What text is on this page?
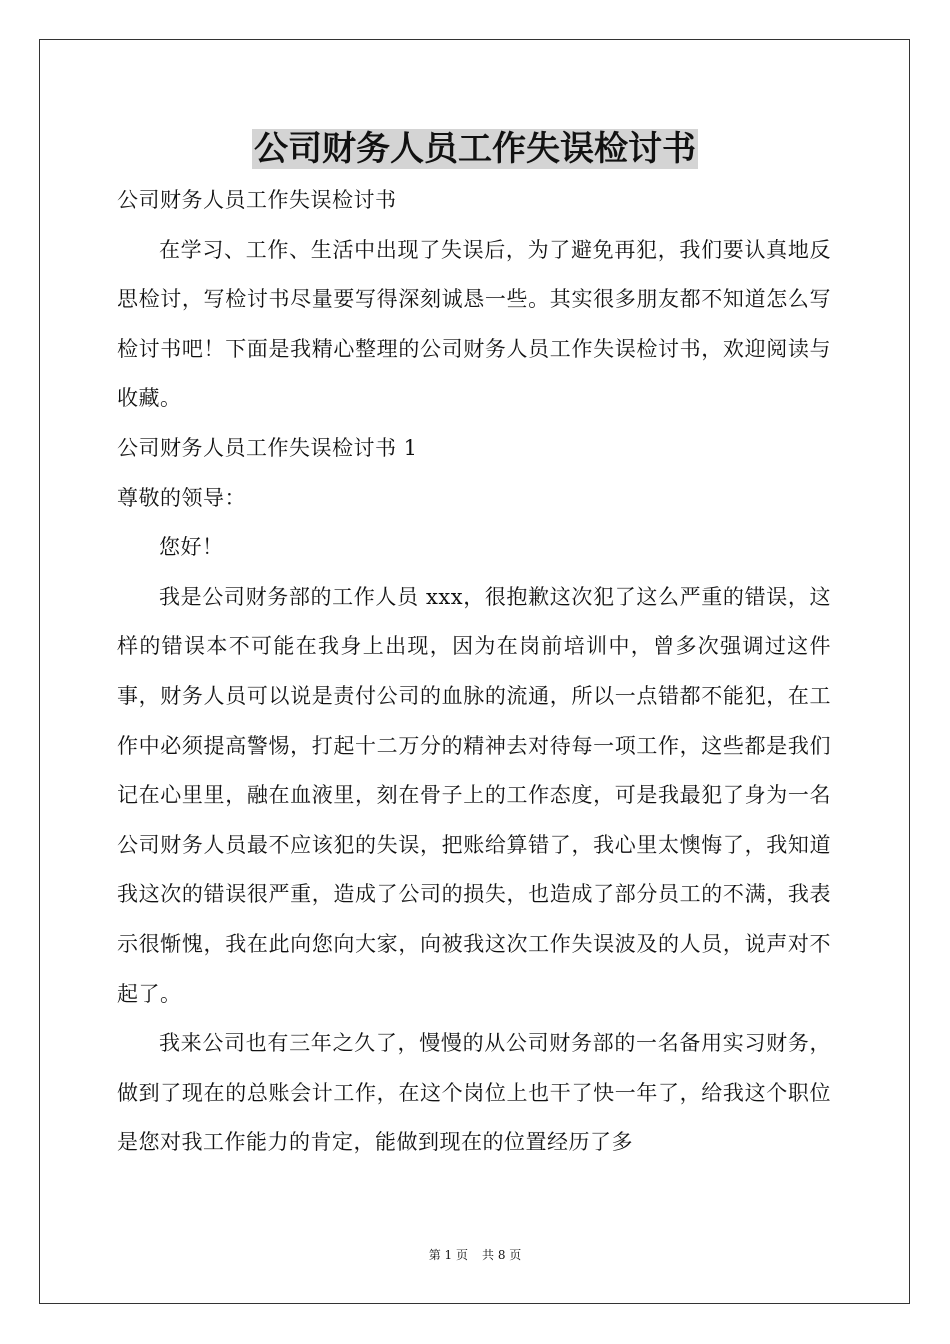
公司财务人员工作失误检讨书

公司财务人员工作失误检讨书

在学习、工作、生活中出现了失误后，为了避免再犯，我们要认真地反思检讨，写检讨书尽量要写得深刻诚恳一些。其实很多朋友都不知道怎么写检讨书吧！下面是我精心整理的公司财务人员工作失误检讨书，欢迎阅读与收藏。

公司财务人员工作失误检讨书 1

尊敬的领导：

您好！

我是公司财务部的工作人员 xxx，很抱歉这次犯了这么严重的错误，这样的错误本不可能在我身上出现，因为在岗前培训中，曾多次强调过这件事，财务人员可以说是责付公司的血脉的流通，所以一点错都不能犯，在工作中必须提高警惕，打起十二万分的精神去对待每一项工作，这些都是我们记在心里里，融在血液里，刻在骨子上的工作态度，可是我最犯了身为一名公司财务人员最不应该犯的失误，把账给算错了，我心里太懊悔了，我知道我这次的错误很严重，造成了公司的损失，也造成了部分员工的不满，我表示很惭愧，我在此向您向大家，向被我这次工作失误波及的人员，说声对不起了。

我来公司也有三年之久了，慢慢的从公司财务部的一名备用实习财务，做到了现在的总账会计工作，在这个岗位上也干了快一年了，给我这个职位是您对我工作能力的肯定，能做到现在的位置经历了多

第 1 页 共 8 页
